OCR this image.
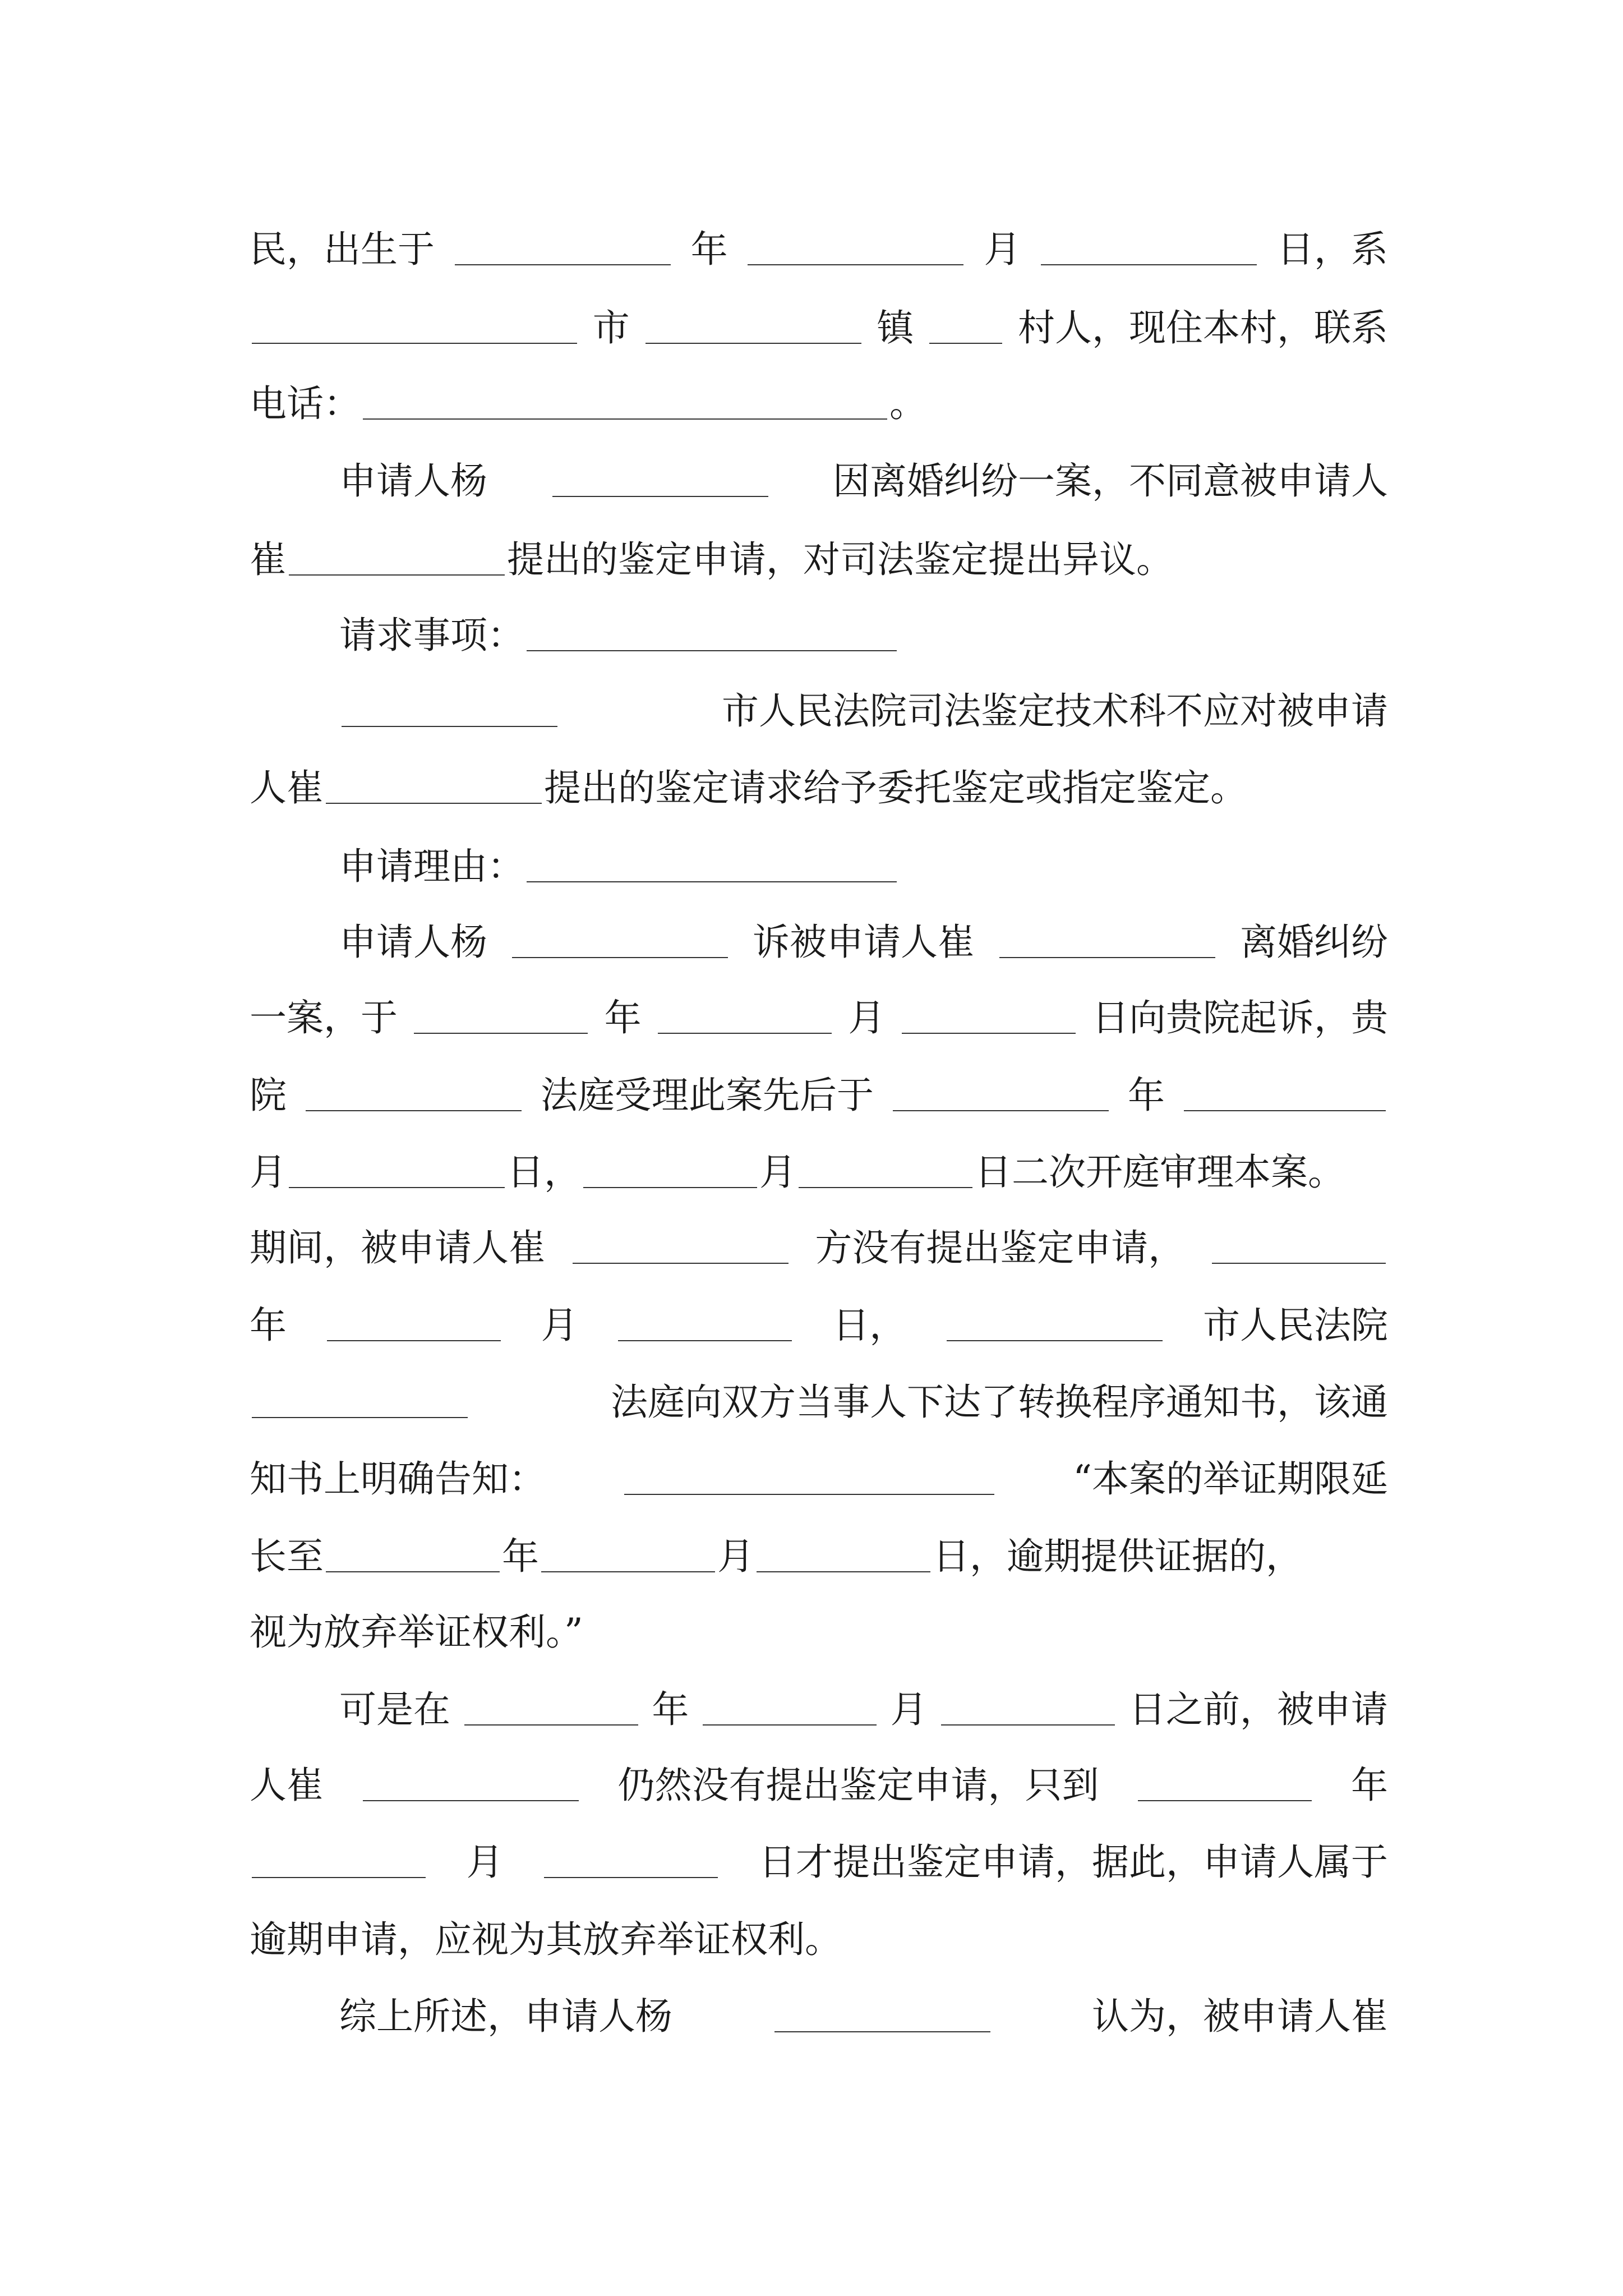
民，出生于	年	月	日，系
市	镇	村人，现住本村，联系
电话：	。
申请人杨	因离婚纠纷一案，不同意被申请人
崔	提出的鉴定申请，对司法鉴定提出异议。
请求事项：
市人民法院司法鉴定技术科不应对被申请
人崔	提出的鉴定请求给予委托鉴定或指定鉴定。
申请理由：
申请人杨	诉被申请人崔	离婚纠纷
一案，于	年	月	日向贵院起诉，贵
院	法庭受理此案先后于	年
月	日，	月	日二次开庭审理本案。
期间，被申请人崔	方没有提出鉴定申请，
年	月	日，	市人民法院
法庭向双方当事人下达了转换程序通知书，该通
知书上明确告知：	“本案的举证期限延
长至	年	月	日，逾期提供证据的，
视为放弃举证权利。”
可是在	年	月	日之前，被申请
人崔	仍然没有提出鉴定申请，只到	年
月	日才提出鉴定申请，据此，申请人属于
逾期申请，应视为其放弃举证权利。
综上所述，申请人杨	认为，被申请人崔
